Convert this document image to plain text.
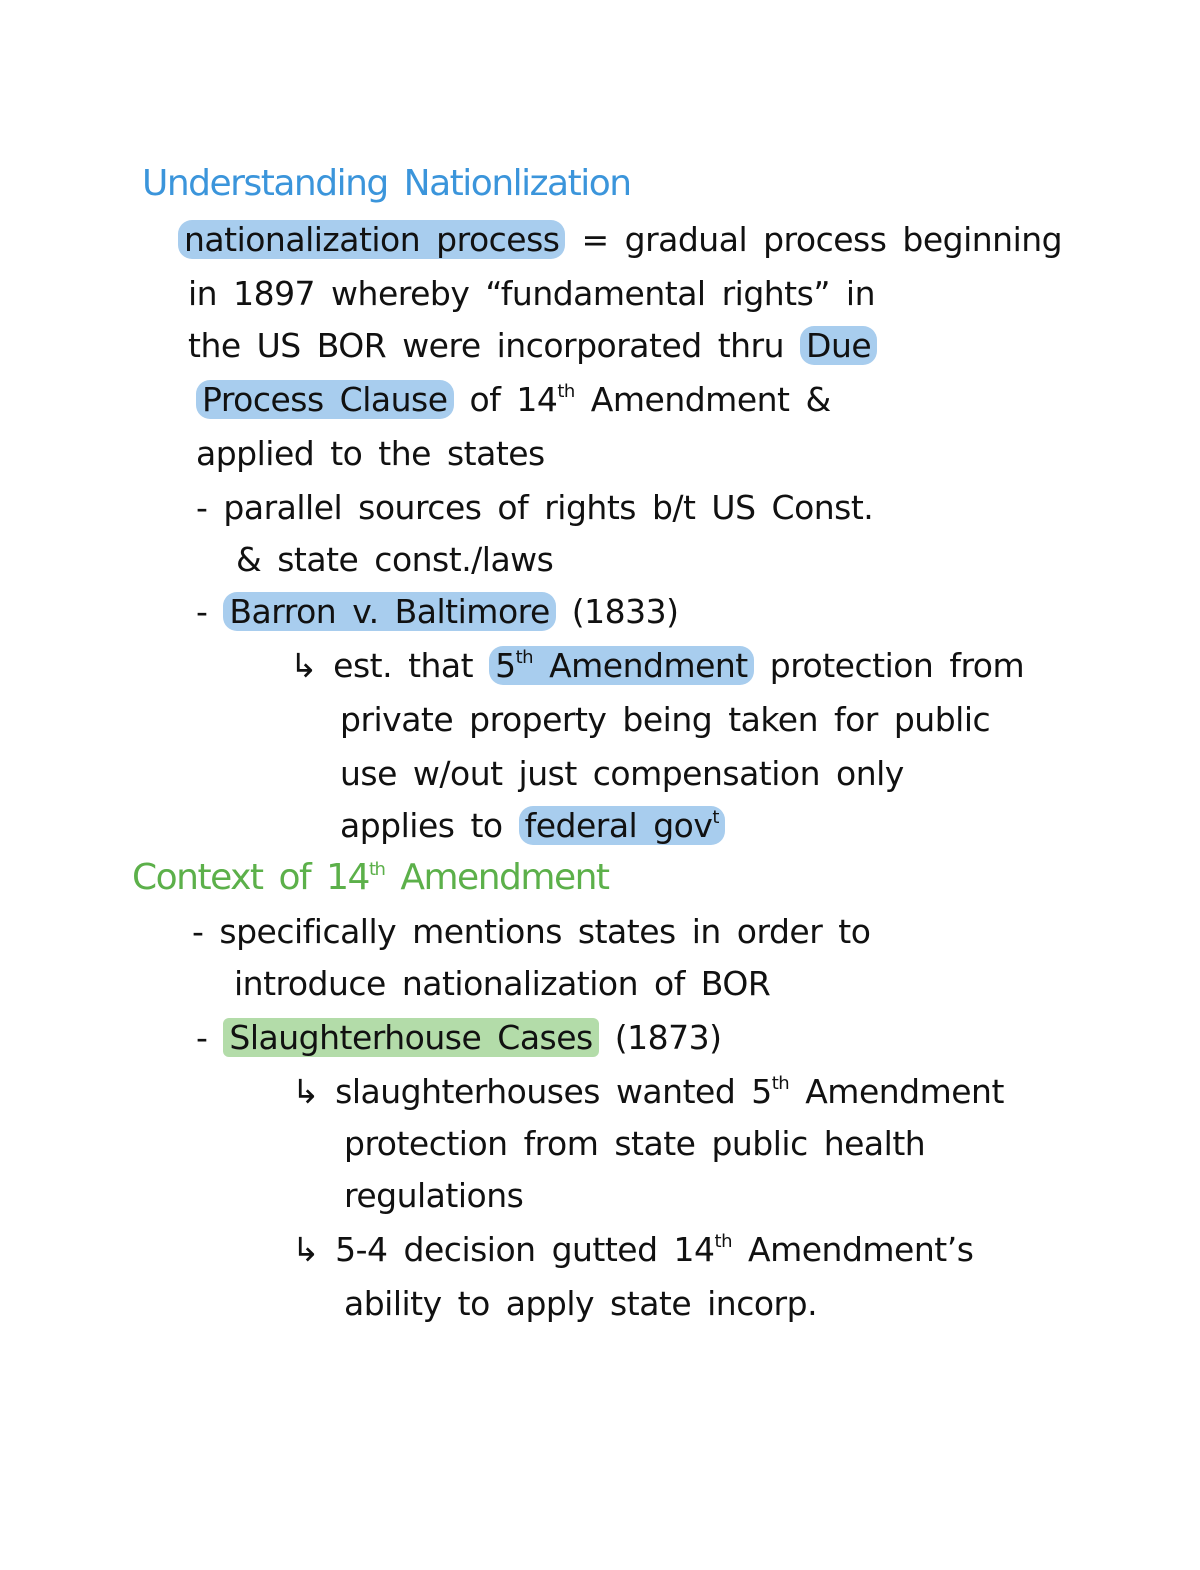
Understanding Nationlization
nationalization process = gradual process beginning
in 1897 whereby “fundamental rights” in
the US BOR were incorporated thru Due
Process Clause of 14th Amendment &
applied to the states
- parallel sources of rights b/t US Const.
& state const./laws
- Barron v. Baltimore (1833)
↳ est. that 5th Amendment protection from
private property being taken for public
use w/out just compensation only
applies to federal gov$^t$
Context of 14th Amendment
- specifically mentions states in order to
introduce nationalization of BOR
- Slaughterhouse Cases (1873)
↳ slaughterhouses wanted 5th Amendment
protection from state public health
regulations
↳ 5-4 decision gutted 14th Amendment’s
ability to apply state incorp.
